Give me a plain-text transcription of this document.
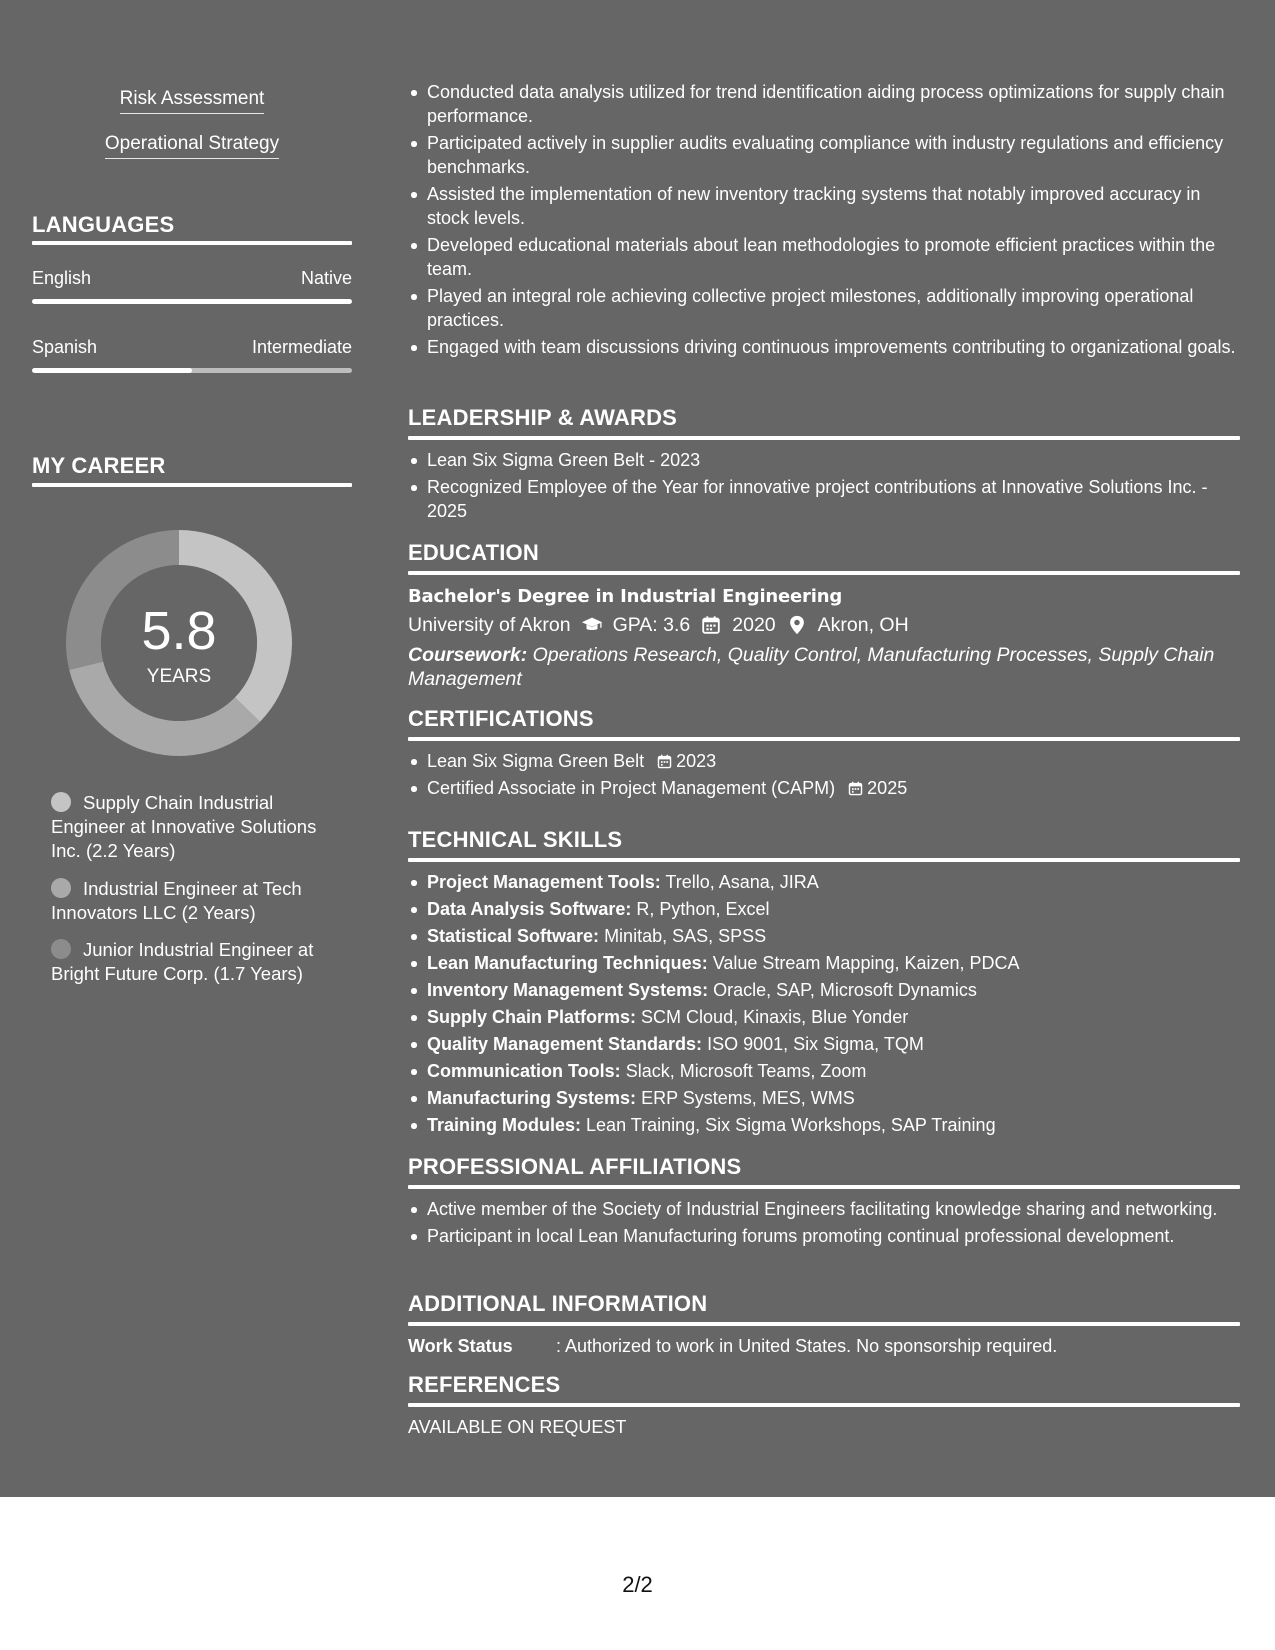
Risk Assessment
Operational Strategy
LANGUAGES
English	Native
Spanish	Intermediate
MY CAREER
5.8
YEARS
Supply Chain Industrial Engineer at Innovative Solutions Inc. (2.2 Years)
Industrial Engineer at Tech Innovators LLC (2 Years)
Junior Industrial Engineer at Bright Future Corp. (1.7 Years)
Conducted data analysis utilized for trend identification aiding process optimizations for supply chain performance.
Participated actively in supplier audits evaluating compliance with industry regulations and efficiency benchmarks.
Assisted the implementation of new inventory tracking systems that notably improved accuracy in stock levels.
Developed educational materials about lean methodologies to promote efficient practices within the team.
Played an integral role achieving collective project milestones, additionally improving operational practices.
Engaged with team discussions driving continuous improvements contributing to organizational goals.
LEADERSHIP & AWARDS
Lean Six Sigma Green Belt - 2023
Recognized Employee of the Year for innovative project contributions at Innovative Solutions Inc. - 2025
EDUCATION
Bachelor's Degree in Industrial Engineering
University of Akron GPA: 3.6 2020 Akron, OH
Coursework: Operations Research, Quality Control, Manufacturing Processes, Supply Chain Management
CERTIFICATIONS
Lean Six Sigma Green Belt 2023
Certified Associate in Project Management (CAPM) 2025
TECHNICAL SKILLS
Project Management Tools: Trello, Asana, JIRA
Data Analysis Software: R, Python, Excel
Statistical Software: Minitab, SAS, SPSS
Lean Manufacturing Techniques: Value Stream Mapping, Kaizen, PDCA
Inventory Management Systems: Oracle, SAP, Microsoft Dynamics
Supply Chain Platforms: SCM Cloud, Kinaxis, Blue Yonder
Quality Management Standards: ISO 9001, Six Sigma, TQM
Communication Tools: Slack, Microsoft Teams, Zoom
Manufacturing Systems: ERP Systems, MES, WMS
Training Modules: Lean Training, Six Sigma Workshops, SAP Training
PROFESSIONAL AFFILIATIONS
Active member of the Society of Industrial Engineers facilitating knowledge sharing and networking.
Participant in local Lean Manufacturing forums promoting continual professional development.
ADDITIONAL INFORMATION
Work Status	: Authorized to work in United States. No sponsorship required.
REFERENCES
AVAILABLE ON REQUEST
2/2
